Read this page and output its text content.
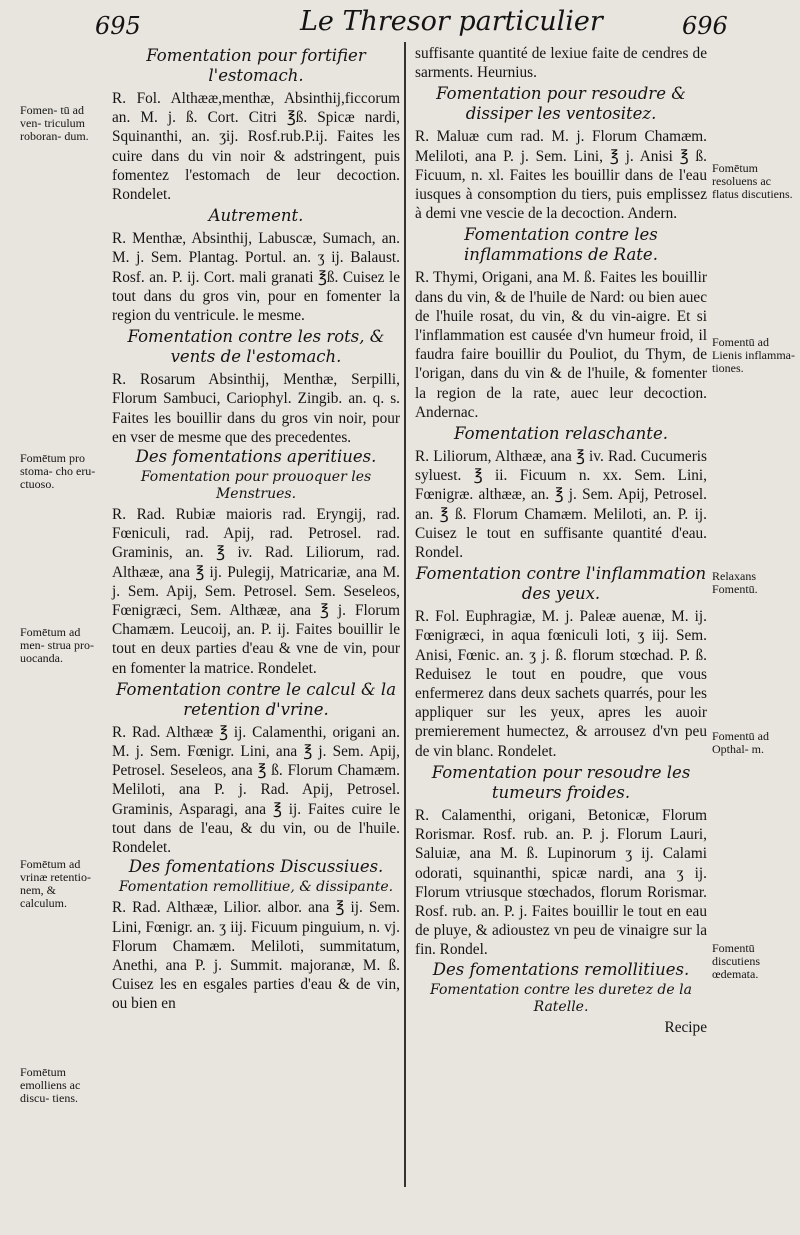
695	Le Thresor particulier	696
Fomentation pour fortifier l'estomach.

R. Fol. Althææ,menthæ, Absinthij,ficcorum an. M. j. ß. Cort. Citri ℥ß. Spicæ nardi, Squinanthi, an. ʒij. Rosf.rub.P.ij. Faites les cuire dans du vin noir & adstringent, puis fomentez l'estomach de leur decoction. Rondelet.

Autrement.

R. Menthæ, Absinthij, Labuscæ, Sumach, an. M. j. Sem. Plantag. Portul. an. ʒ ij. Balaust. Rosf. an. P. ij. Cort. mali granati ℥ß. Cuisez le tout dans du gros vin, pour en fomenter la region du ventricule. le mesme.

Fomentation contre les rots, & vents de l'estomach.

R. Rosarum Absinthij, Menthæ, Serpilli, Florum Sambuci, Cariophyl. Zingib. an. q. s. Faites les bouillir dans du gros vin noir, pour en vser de mesme que des precedentes.

Des fomentations aperitiues.
Fomentation pour prouoquer les Menstrues.

R. Rad. Rubiæ maioris rad. Eryngij, rad. Fœniculi, rad. Apij, rad. Petrosel. rad. Graminis, an. ℥ iv. Rad. Liliorum, rad. Althææ, ana ℥ ij. Pulegij, Matricariæ, ana M. j. Sem. Apij, Sem. Petrosel. Sem. Seseleos, Fœnigræci, Sem. Althææ, ana ℥ j. Florum Chamæm. Leucoij, an. P. ij. Faites bouillir le tout en deux parties d'eau & vne de vin, pour en fomenter la matrice. Rondelet.

Fomentation contre le calcul & la retention d'vrine.

R. Rad. Althææ ℥ ij. Calamenthi, origani an. M. j. Sem. Fœnigr. Lini, ana ℥ j. Sem. Apij, Petrosel. Seseleos, ana ℥ ß. Florum Chamæm. Meliloti, ana P. j. Rad. Apij, Petrosel. Graminis, Asparagi, ana ℥ ij. Faites cuire le tout dans de l'eau, & du vin, ou de l'huile. Rondelet.

Des fomentations Discussiues.
Fomentation remollitiue, & dissipante.

R. Rad. Althææ, Lilior. albor. ana ℥ ij. Sem. Lini, Fœnigr. an. ʒ iij. Ficuum pinguium, n. vj. Florum Chamæm. Meliloti, summitatum, Anethi, ana P. j. Summit. majoranæ, M. ß. Cuisez les en esgales parties d'eau & de vin, ou bien en

suffisante quantité de lexiue faite de cendres de sarments. Heurnius.

Fomentation pour resoudre & dissiper les ventositez.

R. Maluæ cum rad. M. j. Florum Chamæm. Meliloti, ana P. j. Sem. Lini, ℥ j. Anisi ℥ ß. Ficuum, n. xl. Faites les bouillir dans de l'eau iusques à consomption du tiers, puis emplissez à demi vne vescie de la decoction. Andern.

Fomentation contre les inflammations de Rate.

R. Thymi, Origani, ana M. ß. Faites les bouillir dans du vin, & de l'huile de Nard: ou bien auec de l'huile rosat, du vin, & du vin-aigre. Et si l'inflammation est causée d'vn humeur froid, il faudra faire bouillir du Pouliot, du Thym, de l'origan, dans du vin & de l'huile, & fomenter la region de la rate, auec leur decoction. Andernac.

Fomentation relaschante.

R. Liliorum, Althææ, ana ℥ iv. Rad. Cucumeris syluest. ℥ ii. Ficuum n. xx. Sem. Lini, Fœnigræ. althææ, an. ℥ j. Sem. Apij, Petrosel. an. ℥ ß. Florum Chamæm. Meliloti, an. P. ij. Cuisez le tout en suffisante quantité d'eau. Rondel.

Fomentation contre l'inflammation des yeux.

R. Fol. Euphragiæ, M. j. Paleæ auenæ, M. ij. Fœnigræci, in aqua fœniculi loti, ʒ iij. Sem. Anisi, Fœnic. an. ʒ j. ß. florum stœchad. P. ß. Reduisez le tout en poudre, que vous enfermerez dans deux sachets quarrés, pour les appliquer sur les yeux, apres les auoir premierement humectez, & arrousez d'vn peu de vin blanc. Rondelet.

Fomentation pour resoudre les tumeurs froides.

R. Calamenthi, origani, Betonicæ, Florum Rorismar. Rosf. rub. an. P. j. Florum Lauri, Saluiæ, ana M. ß. Lupinorum ʒ ij. Calami odorati, squinanthi, spicæ nardi, ana ʒ ij. Florum vtriusque stœchados, florum Rorismar. Rosf. rub. an. P. j. Faites bouillir le tout en eau de pluye, & adioustez vn peu de vinaigre sur la fin. Rondel.

Des fomentations remollitiues.
Fomentation contre les duretez de la Ratelle.

Recipe

Fomen- tū ad ven- triculum roboran- dum.
Fomētum pro stoma- cho eru- ctuoso.
Fomētum ad men- strua pro- uocanda.
Fomētum ad vrinæ retentio- nem, & calculum.
Fomētum emolliens ac discu- tiens.
Fomētum resoluens ac flatus discutiens.
Fomentū ad Lienis inflamma- tiones.
Relaxans Fomentū.
Fomentū ad Opthal- m.
Fomentū discutiens œdemata.
